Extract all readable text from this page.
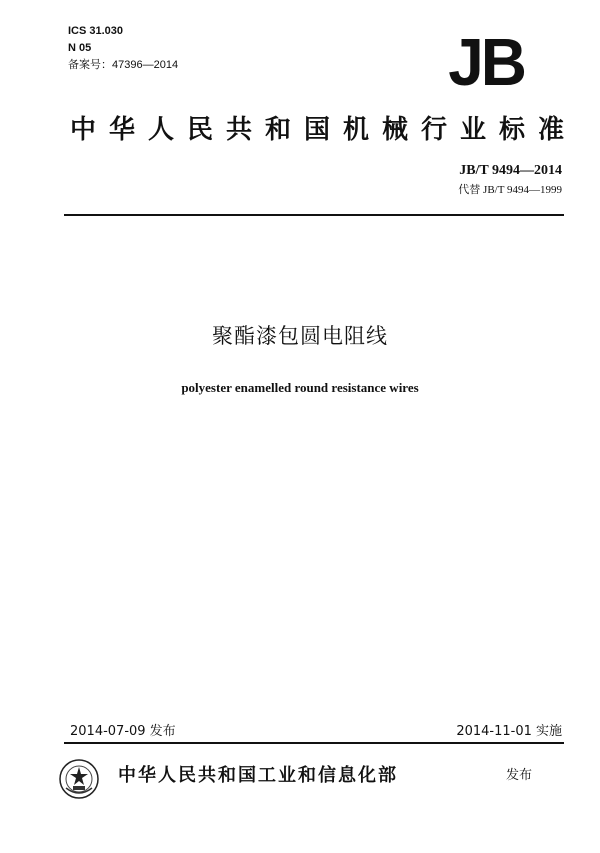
ICS 31.030
N 05
备案号：47396—2014	JB
中华人民共和国机械行业标准
JB/T 9494—2014
代替 JB/T 9494—1999
聚酯漆包圆电阻线
polyester enamelled round resistance wires
2014-07-09 发布	2014-11-01 实施
中华人民共和国工业和信息化部	发布
